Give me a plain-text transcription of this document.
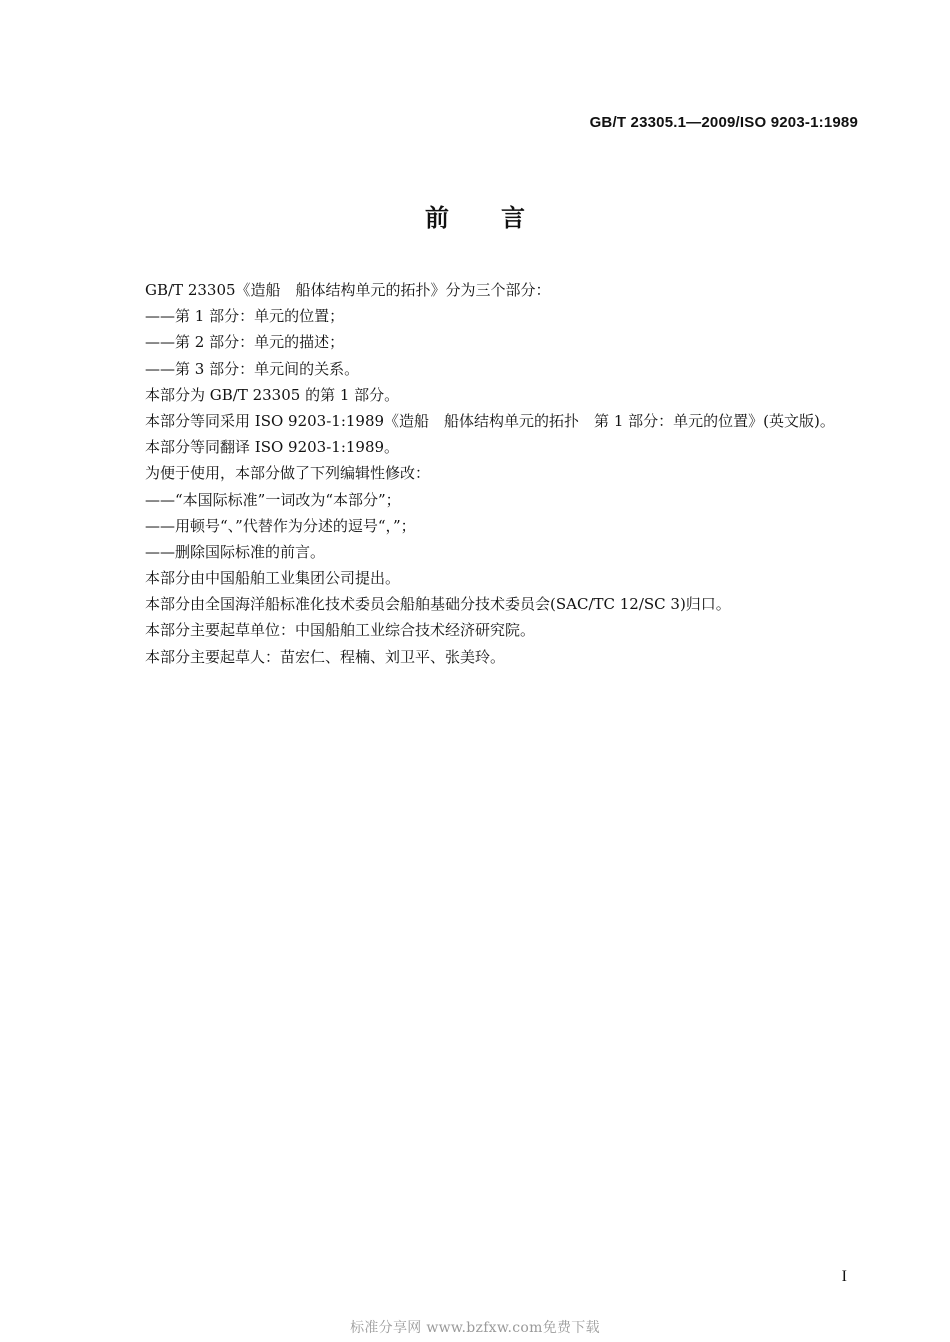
GB/T 23305.1—2009/ISO 9203-1:1989
前言
GB/T 23305《造船　船体结构单元的拓扑》分为三个部分：
——第 1 部分：单元的位置；
——第 2 部分：单元的描述；
——第 3 部分：单元间的关系。
本部分为 GB/T 23305 的第 1 部分。
本部分等同采用 ISO 9203-1:1989《造船　船体结构单元的拓扑　第 1 部分：单元的位置》(英文版)。
本部分等同翻译 ISO 9203-1:1989。
为便于使用，本部分做了下列编辑性修改：
——“本国际标准”一词改为“本部分”；
——用顿号“、”代替作为分述的逗号“，”；
——删除国际标准的前言。
本部分由中国船舶工业集团公司提出。
本部分由全国海洋船标准化技术委员会船舶基础分技术委员会(SAC/TC 12/SC 3)归口。
本部分主要起草单位：中国船舶工业综合技术经济研究院。
本部分主要起草人：苗宏仁、程楠、刘卫平、张美玲。
I
标准分享网 www.bzfxw.com免费下载
